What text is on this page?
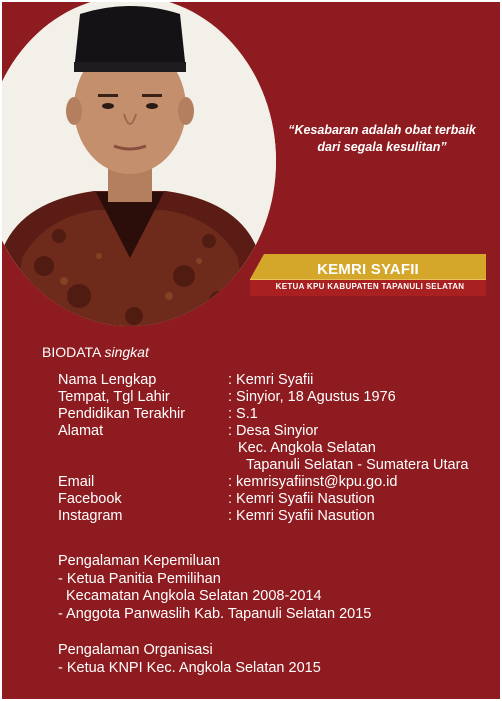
“Kesabaran adalah obat terbaik dari segala kesulitan”
KEMRI SYAFII
KETUA KPU KABUPATEN TAPANULI SELATAN
BIODATA singkat
Nama Lengkap	: Kemri Syafii
Tempat, Tgl Lahir	: Sinyior, 18 Agustus 1976
Pendidikan Terakhir	: S.1
Alamat	: Desa Sinyior
Kec. Angkola Selatan
Tapanuli Selatan - Sumatera Utara
Email	: kemrisyafiinst@kpu.go.id
Facebook	: Kemri Syafii Nasution
Instagram	: Kemri Syafii Nasution
Pengalaman Kepemiluan
- Ketua Panitia Pemilihan
Kecamatan Angkola Selatan 2008-2014
- Anggota Panwaslih Kab. Tapanuli Selatan 2015
Pengalaman Organisasi
- Ketua KNPI Kec. Angkola Selatan 2015
